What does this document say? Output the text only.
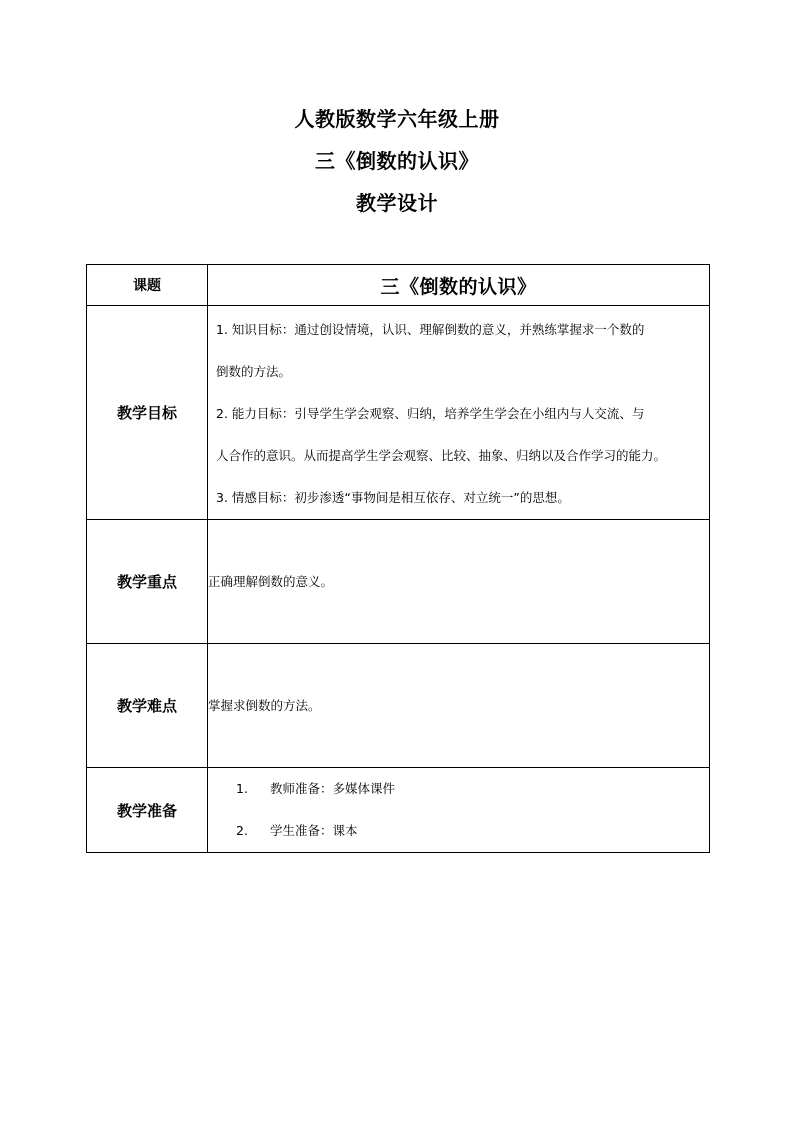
人教版数学六年级上册
三《倒数的认识》
教学设计
课题	三《倒数的认识》
教学目标	1. 知识目标：通过创设情境，认识、理解倒数的意义，并熟练掌握求一个数的
倒数的方法。
2. 能力目标：引导学生学会观察、归纳，培养学生学会在小组内与人交流、与
人合作的意识。从而提高学生学会观察、比较、抽象、归纳以及合作学习的能力。
3. 情感目标：初步渗透“事物间是相互依存、对立统一”的思想。

教学重点	正确理解倒数的意义。
教学难点	掌握求倒数的方法。
教学准备	1. 教师准备：多媒体课件
2. 学生准备：课本
